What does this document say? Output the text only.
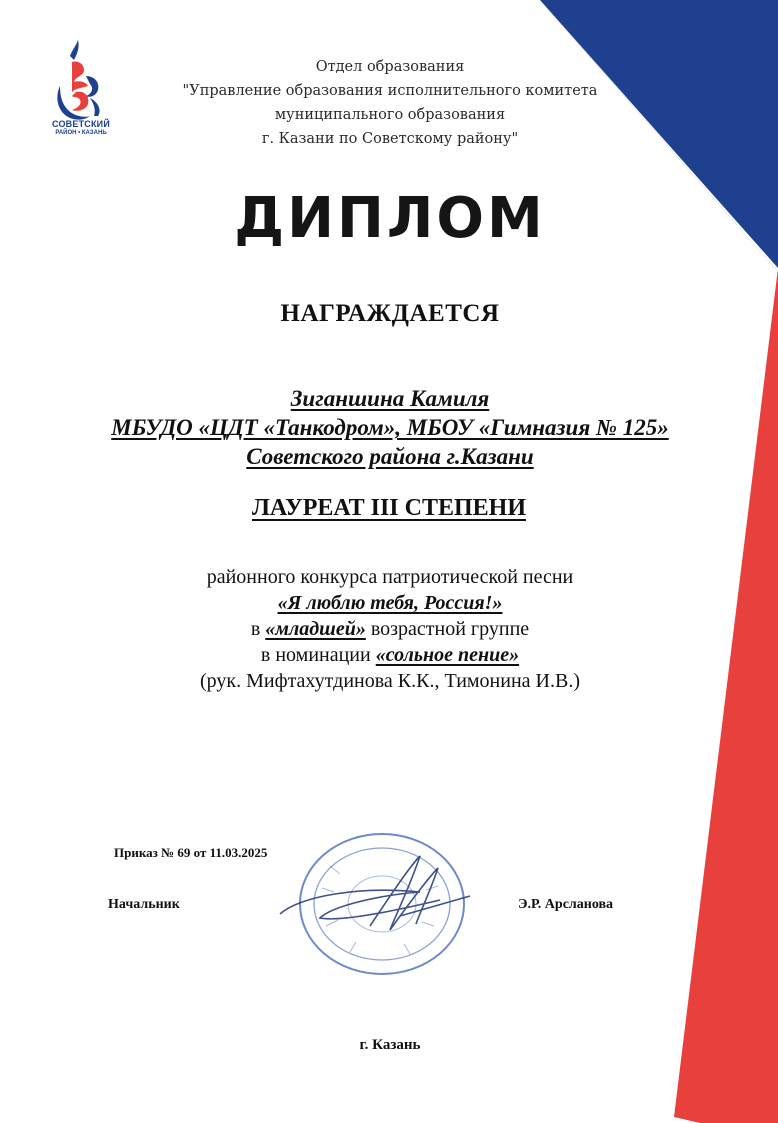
СОВЕТСКИЙ
РАЙОН • КАЗАНЬ
Отдел образования
"Управление образования исполнительного комитета
муниципального образования
г. Казани по Советскому району"
ДИПЛОМ
НАГРАЖДАЕТСЯ
Зиганшина Камиля
МБУДО «ЦДТ «Танкодром», МБОУ «Гимназия № 125»
Советского района г.Казани
ЛАУРЕАТ III СТЕПЕНИ
районного конкурса патриотической песни
«Я люблю тебя, Россия!»
в «младшей» возрастной группе
в номинации «сольное пение»
(рук. Мифтахутдинова К.К., Тимонина И.В.)
Приказ № 69 от 11.03.2025
Начальник	Э.Р. Арсланова
г. Казань
